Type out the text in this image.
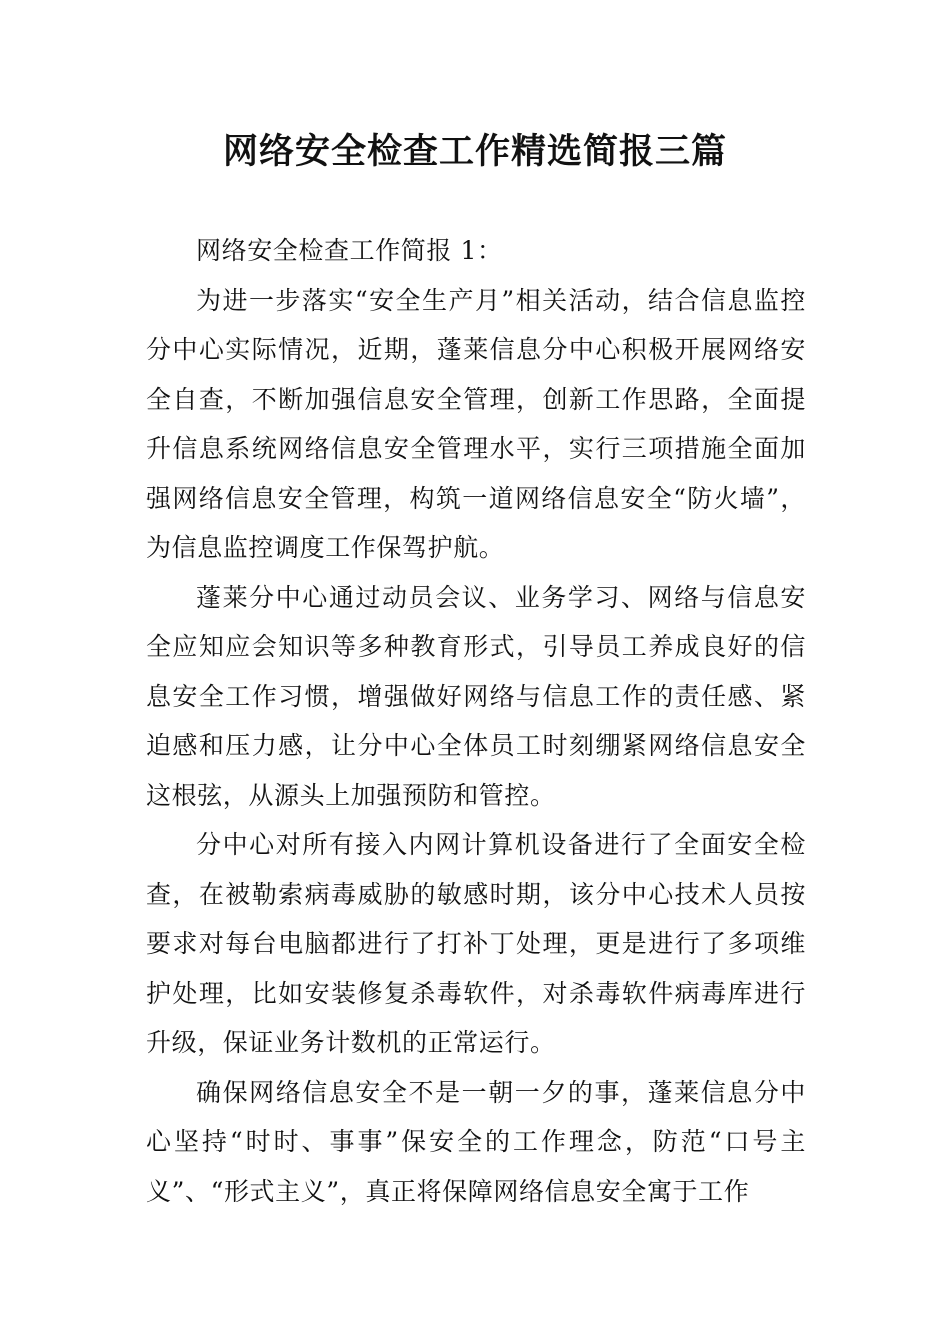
网络安全检查工作精选简报三篇

网络安全检查工作简报 1：

为进一步落实“安全生产月”相关活动，结合信息监控分中心实际情况，近期，蓬莱信息分中心积极开展网络安全自查，不断加强信息安全管理，创新工作思路，全面提升信息系统网络信息安全管理水平，实行三项措施全面加强网络信息安全管理，构筑一道网络信息安全“防火墙”，为信息监控调度工作保驾护航。

蓬莱分中心通过动员会议、业务学习、网络与信息安全应知应会知识等多种教育形式，引导员工养成良好的信息安全工作习惯，增强做好网络与信息工作的责任感、紧迫感和压力感，让分中心全体员工时刻绷紧网络信息安全这根弦，从源头上加强预防和管控。

分中心对所有接入内网计算机设备进行了全面安全检查，在被勒索病毒威胁的敏感时期，该分中心技术人员按要求对每台电脑都进行了打补丁处理，更是进行了多项维护处理，比如安装修复杀毒软件，对杀毒软件病毒库进行升级，保证业务计数机的正常运行。

确保网络信息安全不是一朝一夕的事，蓬莱信息分中心坚持“时时、事事”保安全的工作理念，防范“口号主义”、“形式主义”，真正将保障网络信息安全寓于工作
